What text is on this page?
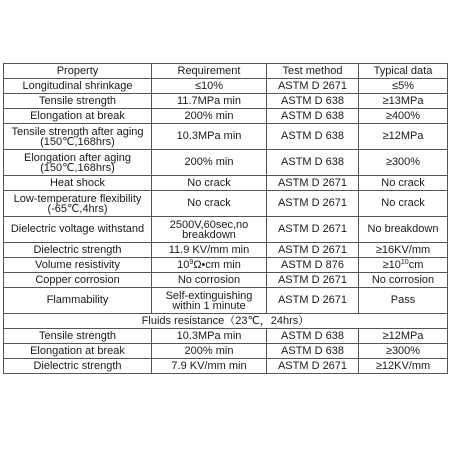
Property	Requirement	Test method	Typical data
Longitudinal shrinkage	≤10%	ASTM D 2671	≤5%
Tensile strength	11.7MPa min	ASTM D 638	≥13MPa
Elongation at break	200% min	ASTM D 638	≥400%
Tensile strength after aging (150℃,168hrs)	10.3MPa min	ASTM D 638	≥12MPa
Elongation after aging (150℃,168hrs)	200% min	ASTM D 638	≥300%
Heat shock	No crack	ASTM D 2671	No crack
Low-temperature flexibility (-65℃,4hrs)	No crack	ASTM D 2671	No crack
Dielectric voltage withstand	2500V,60sec,no breakdown	ASTM D 2671	No breakdown
Dielectric strength	11.9 KV/mm min	ASTM D 2671	≥16KV/mm
Volume resistivity	$10^9\Omega•cm$ min	ASTM D 876	$\ge 10^{10}cm$
Copper corrosion	No corrosion	ASTM D 2671	No corrosion
Flammability	Self-extinguishing within 1 minute	ASTM D 2671	Pass
Fluids resistance（23℃，24hrs）			
Tensile strength	10.3MPa min	ASTM D 638	≥12MPa
Elongation at break	200% min	ASTM D 638	≥300%
Dielectric strength	7.9 KV/mm min	ASTM D 2671	≥12KV/mm
